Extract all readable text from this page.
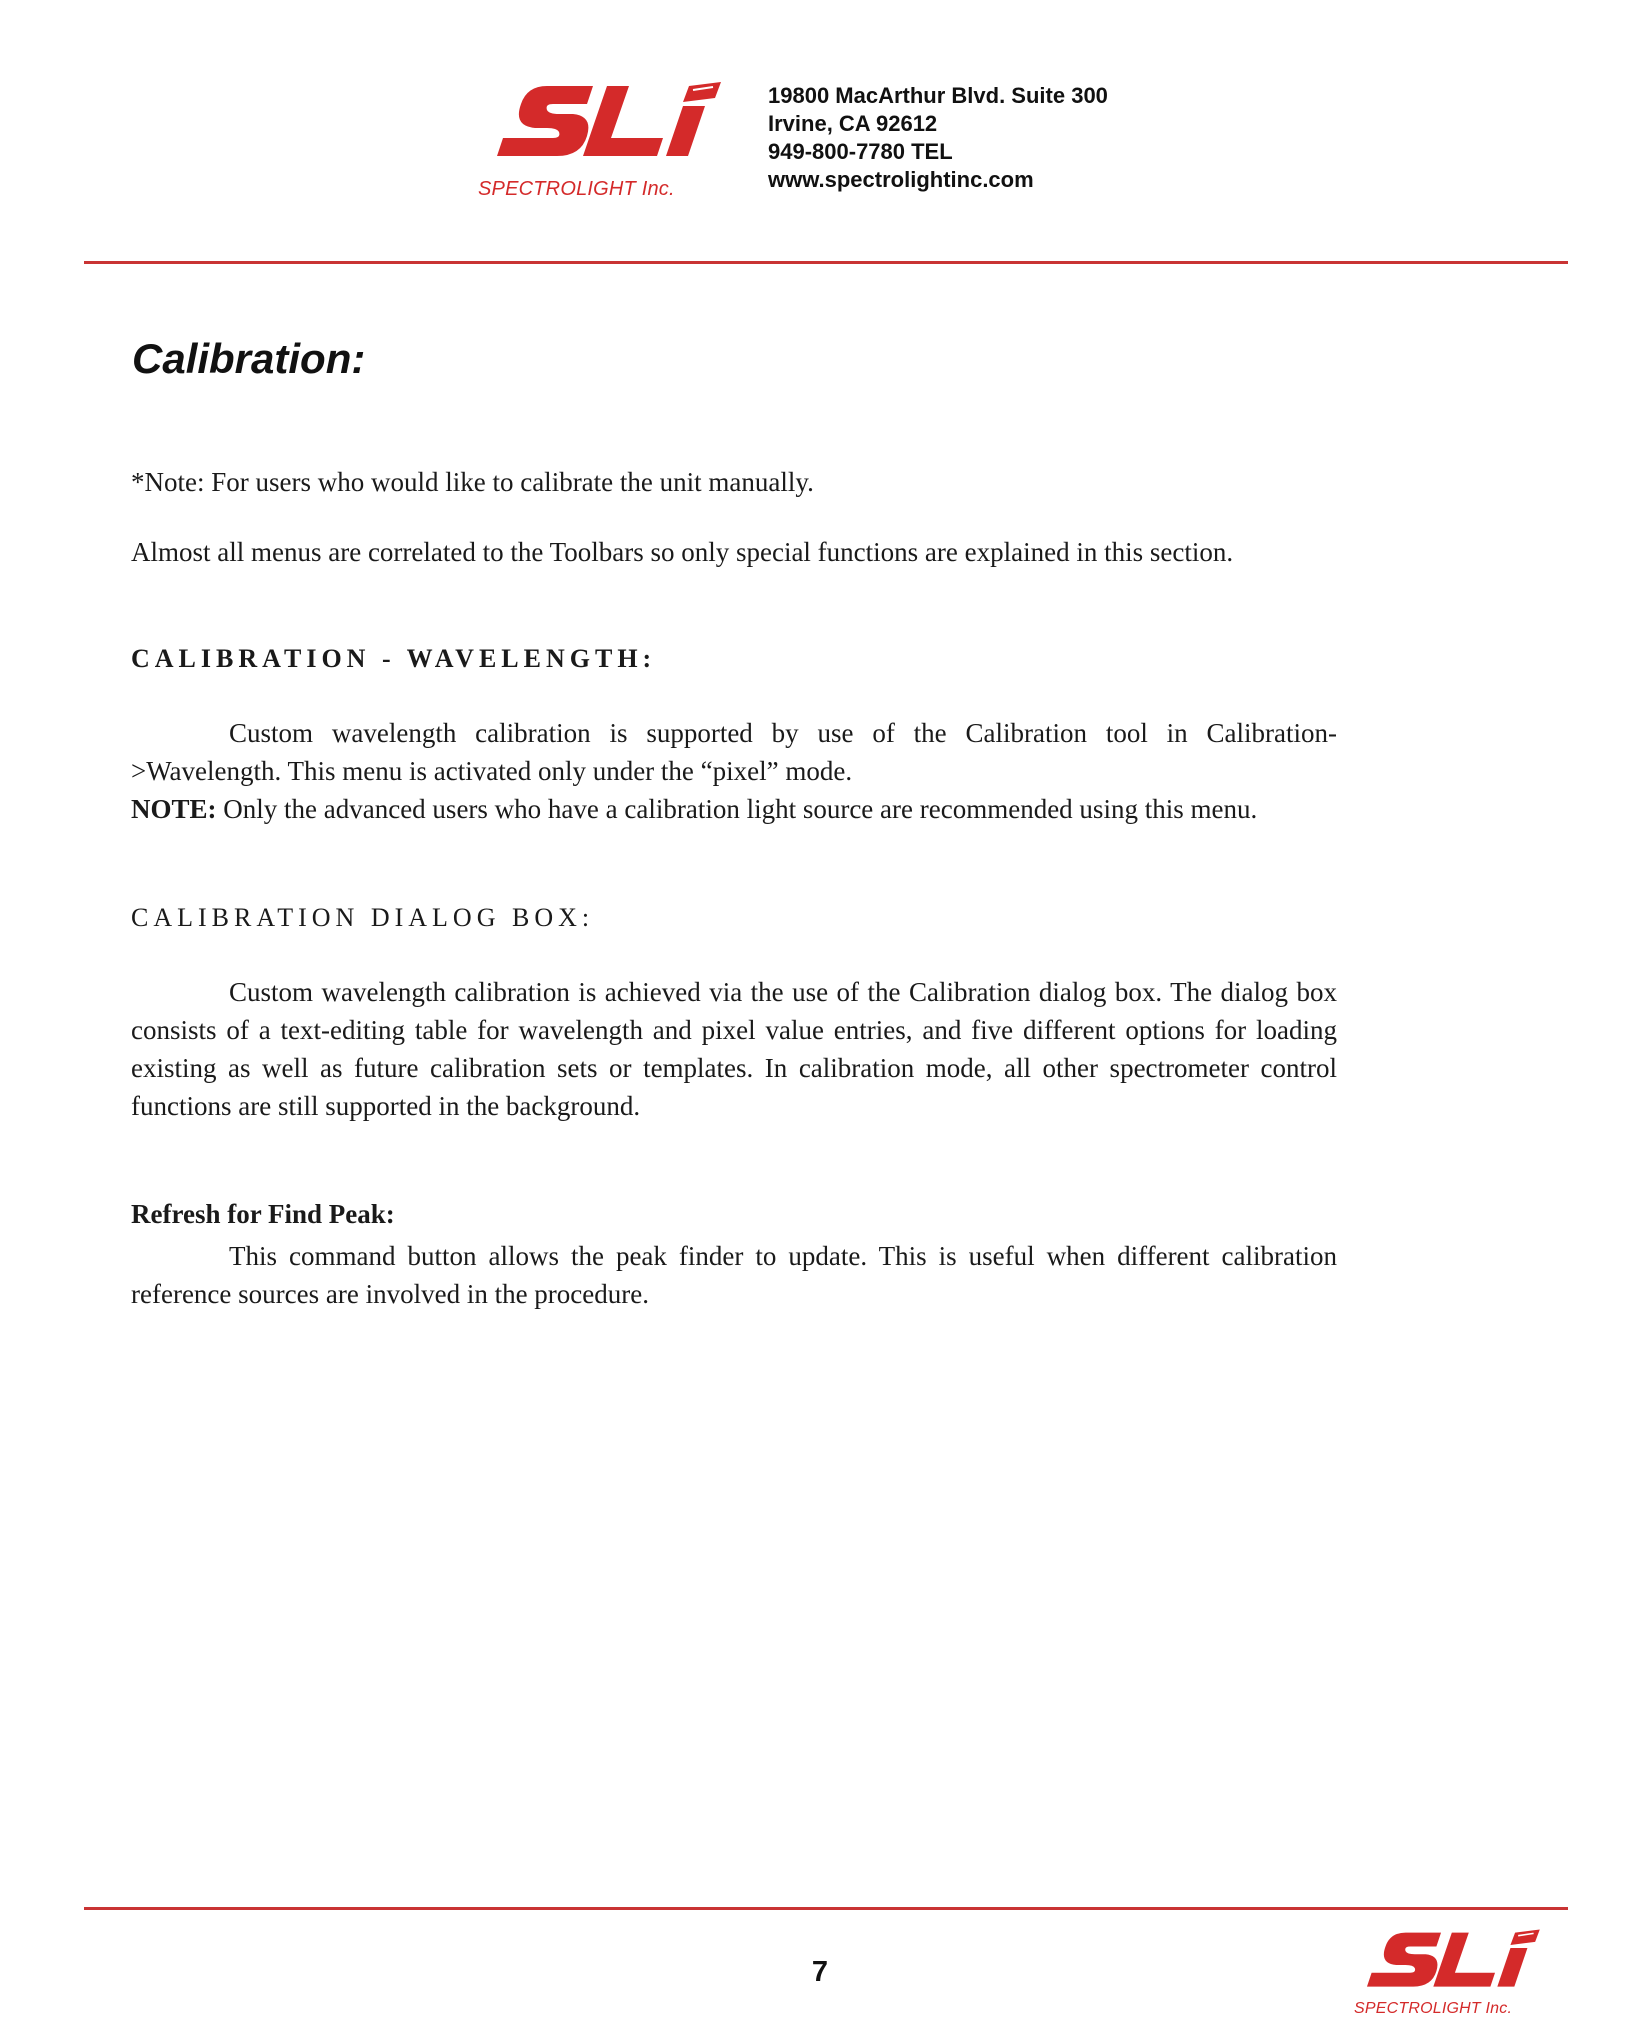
SPECTROLIGHT Inc.
19800 MacArthur Blvd. Suite 300
Irvine, CA 92612
949-800-7780 TEL
www.spectrolightinc.com
Calibration:
*Note: For users who would like to calibrate the unit manually.
Almost all menus are correlated to the Toolbars so only special functions are explained in this section.
CALIBRATION - WAVELENGTH:
Custom wavelength calibration is supported by use of the Calibration tool in Calibration->Wavelength. This menu is activated only under the “pixel” mode.
NOTE: Only the advanced users who have a calibration light source are recommended using this menu.
CALIBRATION DIALOG BOX:
Custom wavelength calibration is achieved via the use of the Calibration dialog box. The dialog box consists of a text-editing table for wavelength and pixel value entries, and five different options for loading existing as well as future calibration sets or templates. In calibration mode, all other spectrometer control functions are still supported in the background.
Refresh for Find Peak:
This command button allows the peak finder to update. This is useful when different calibration reference sources are involved in the procedure.
7
SPECTROLIGHT Inc.
